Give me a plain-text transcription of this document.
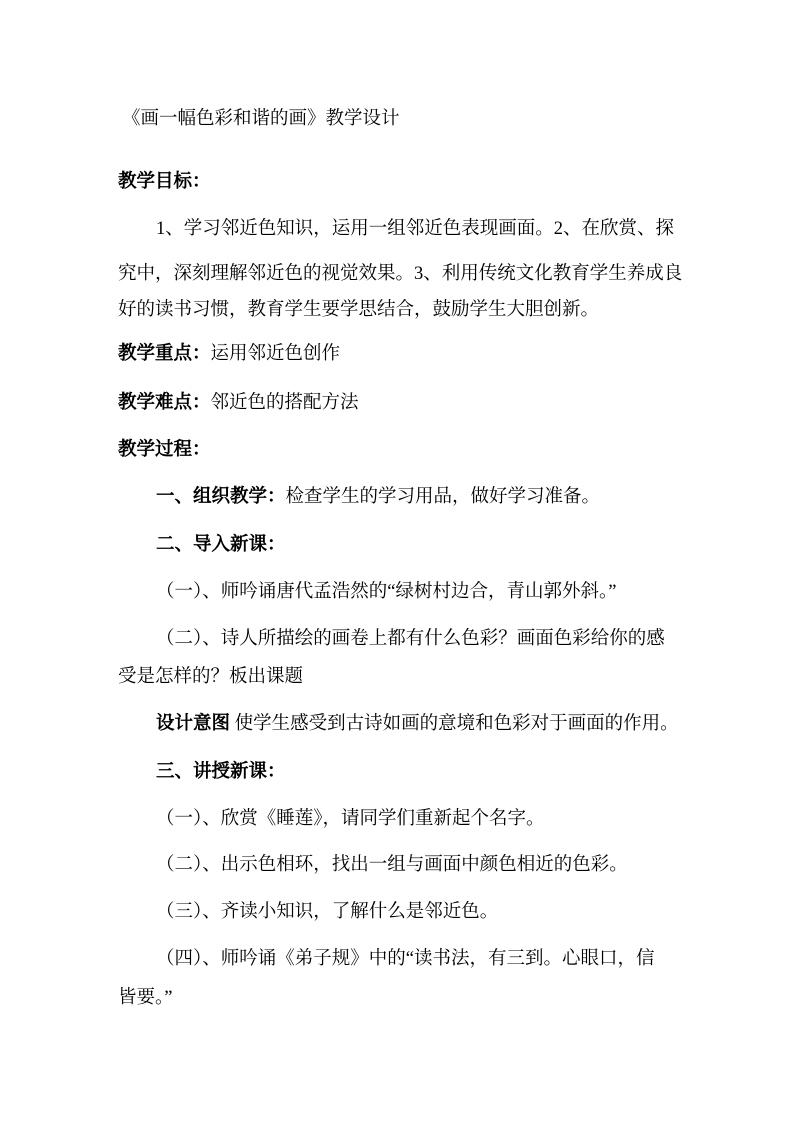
《画一幅色彩和谐的画》教学设计
教学目标：
1、学习邻近色知识，运用一组邻近色表现画面。2、在欣赏、探
究中，深刻理解邻近色的视觉效果。3、利用传统文化教育学生养成良
好的读书习惯，教育学生要学思结合，鼓励学生大胆创新。
教学重点：运用邻近色创作
教学难点：邻近色的搭配方法
教学过程：
一、组织教学：检查学生的学习用品，做好学习准备。
二、导入新课：
（一）、师吟诵唐代孟浩然的“绿树村边合，青山郭外斜。”
（二）、诗人所描绘的画卷上都有什么色彩？画面色彩给你的感
受是怎样的？板出课题
设计意图 使学生感受到古诗如画的意境和色彩对于画面的作用。
三、讲授新课：
（一）、欣赏《睡莲》，请同学们重新起个名字。
（二）、出示色相环，找出一组与画面中颜色相近的色彩。
（三）、齐读小知识，了解什么是邻近色。
（四）、师吟诵《弟子规》中的“读书法，有三到。心眼口，信
皆要。”
